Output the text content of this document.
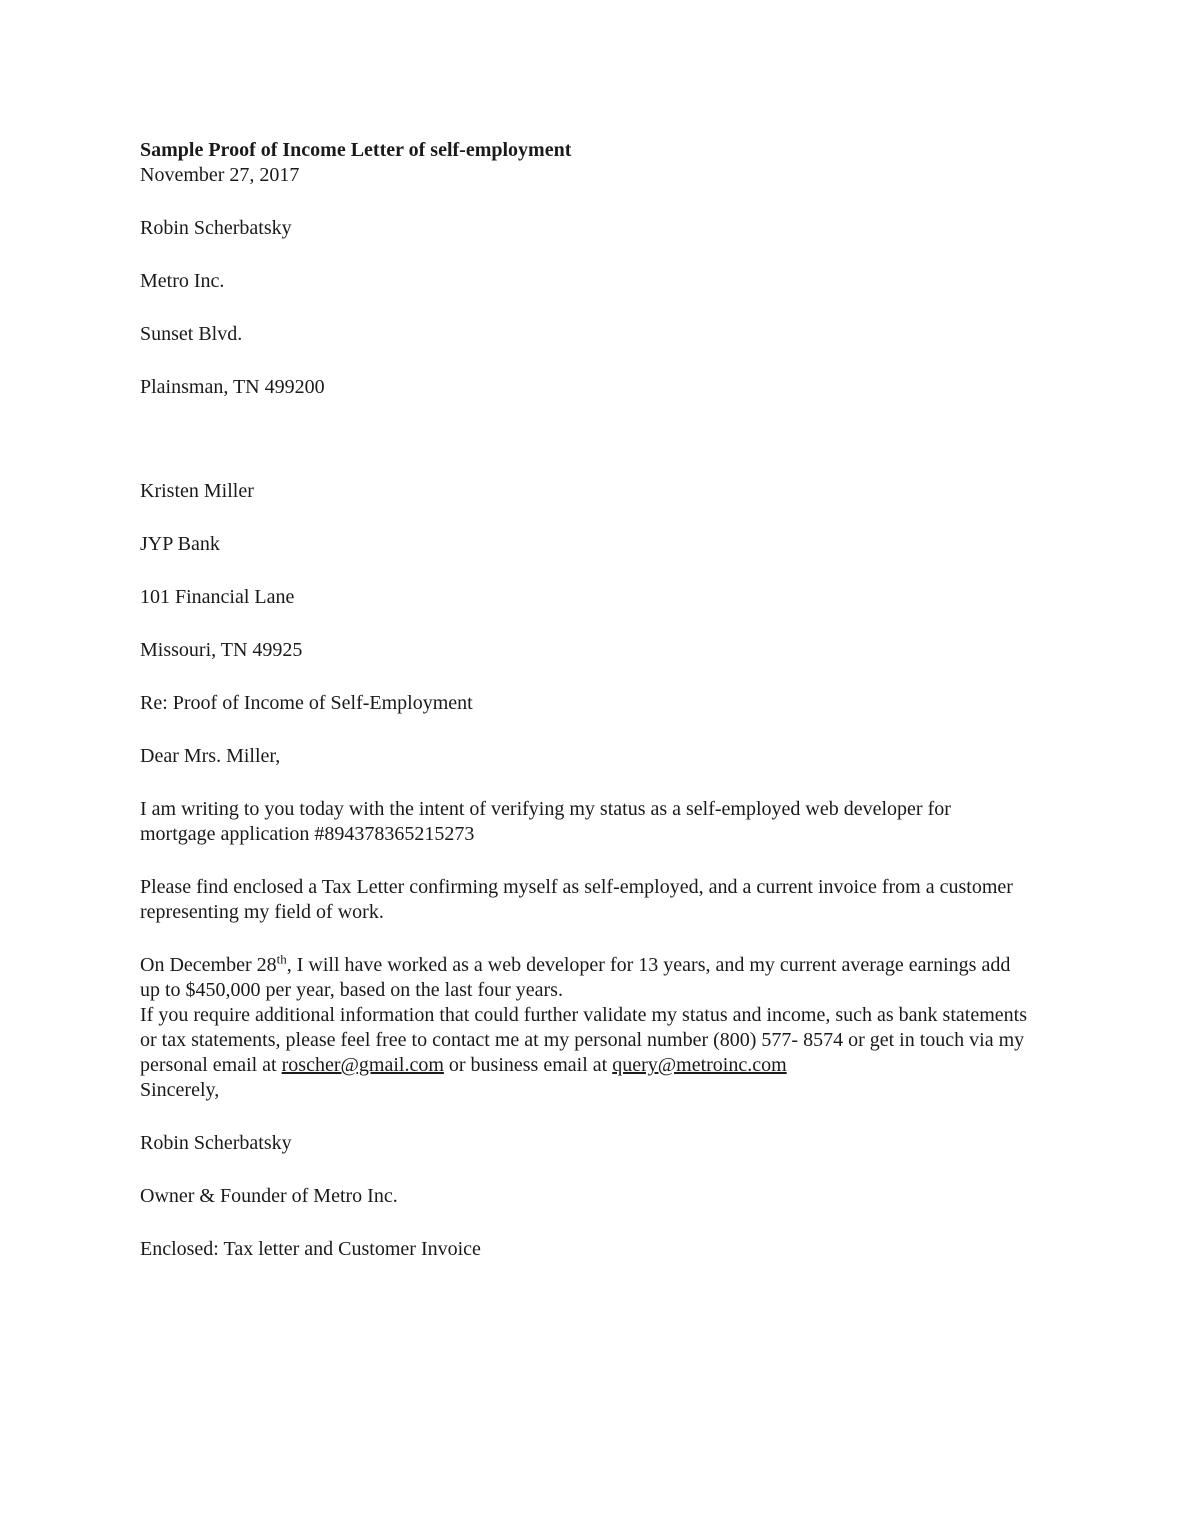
Sample Proof of Income Letter of self-employment

November 27, 2017

Robin Scherbatsky

Metro Inc.

Sunset Blvd.

Plainsman, TN 499200

Kristen Miller

JYP Bank

101 Financial Lane

Missouri, TN 49925

Re: Proof of Income of Self-Employment

Dear Mrs. Miller,

I am writing to you today with the intent of verifying my status as a self-employed web developer for
mortgage application #894378365215273
Please find enclosed a Tax Letter confirming myself as self-employed, and a current invoice from a customer
representing my field of work.
On December 28th, I will have worked as a web developer for 13 years, and my current average earnings add
up to $450,000 per year, based on the last four years.
If you require additional information that could further validate my status and income, such as bank statements
or tax statements, please feel free to contact me at my personal number (800) 577- 8574 or get in touch via my
personal email at roscher@gmail.com or business email at query@metroinc.com
Sincerely,

Robin Scherbatsky

Owner & Founder of Metro Inc.

Enclosed: Tax letter and Customer Invoice
